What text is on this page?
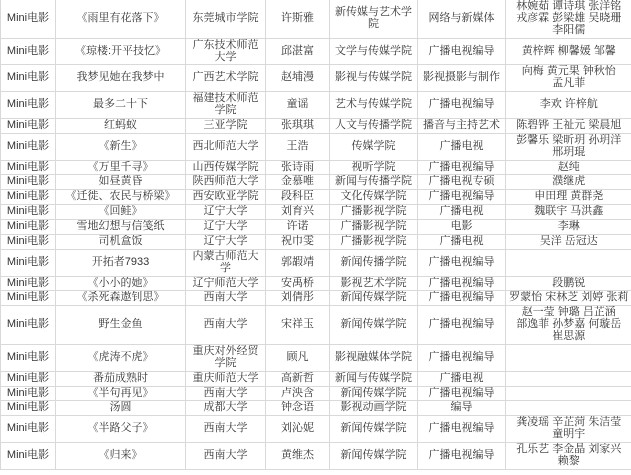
Mini电影	《雨里有花落下》	东莞城市学院	许斯雅	新传媒与艺术学院	网络与新媒体	林婉茹 谭诗琪 张洋铭 戎彦霖 彭梁雄 吴晓珊 李阳儒
Mini电影	《琼楼:开平技忆》	广东技术师范大学	邱湛富	文学与传媒学院	广播电视编导	黄梓辉 柳馨媛 邹馨
Mini电影	我梦见她在我梦中	广西艺术学院	赵埔漫	影视与传媒学院	影视摄影与制作	向梅 黄元果 钟秋怡 孟凡菲
Mini电影	最多二十下	福建技术师范学院	童谣	艺术与传媒学院	广播电视编导	李欢 许梓航
Mini电影	红蚂蚁	三亚学院	张琪琪	人文与传播学院	播音与主持艺术	陈碧铧 王祉元 梁晨旭
Mini电影	《新生》	西北师范大学	王浩	传媒学院	广播电视	彭馨乐 梁昕玥 孙玥洋 邢玥琨
Mini电影	《万里千寻》	山西传媒学院	张诗雨	视听学院	广播电视编导	赵纯
Mini电影	如昼黄昏	陕西师范大学	金慕唯	新闻与传播学院	广播电视专硕	濮继虎
Mini电影	《迁徙、农民与桥梁》	西安欧亚学院	段科臣	文化传媒学院	广播电视编导	申田理 黄群尧
Mini电影	《回鲑》	辽宁大学	刘育兴	广播影视学院	广播电视	魏联宇 马洪鑫
Mini电影	雪地幻想与信笺纸	辽宁大学	许诺	广播影视学院	电影	李琳
Mini电影	司机盒饭	辽宁大学	祝巾雯	广播影视学院	广播电视	吴洋 岳冠达
Mini电影	开拓者7933	内蒙古师范大学	郭嘏靖	新闻传播学院	广播电视编导	
Mini电影	《小小的她》	辽宁师范大学	安禹桥	影视艺术学院	广播电视编导	段鹏锐
Mini电影	《杀死森遨钊思》	西南大学	刘倩彤	新闻传媒学院	广播电视编导	罗蒙怡 宋林芝 刘婷 张莉
Mini电影	野生金鱼	西南大学	宋祥玉	新闻传媒学院	广播电视编导	赵一莹 钟璐 吕芷涵 部逸菲 孙梦嘉 何璇岳 崔思源
Mini电影	《虎涛不虎》	重庆对外经贸学院	顾凡	影视融媒体学院	广播电视编导	
Mini电影	番茄成熟时	重庆师范大学	高新哲	新闻与传媒学院	广播电视	
Mini电影	《半句再见》	西南大学	卢泱含	新闻传媒学院	广播电视编导	
Mini电影	汤圆	成都大学	钟念语	影视动画学院	编导	
Mini电影	《半路父子》	西南大学	刘沁妮	新闻传媒学院	广播电视编导	龚凌瑶 辛芷菏 朱洁莹 童明宇
Mini电影	《归来》	西南大学	黄维杰	新闻传媒学院	广播电视编导	孔乐艺 李金晶 刘家兴 赖黎
